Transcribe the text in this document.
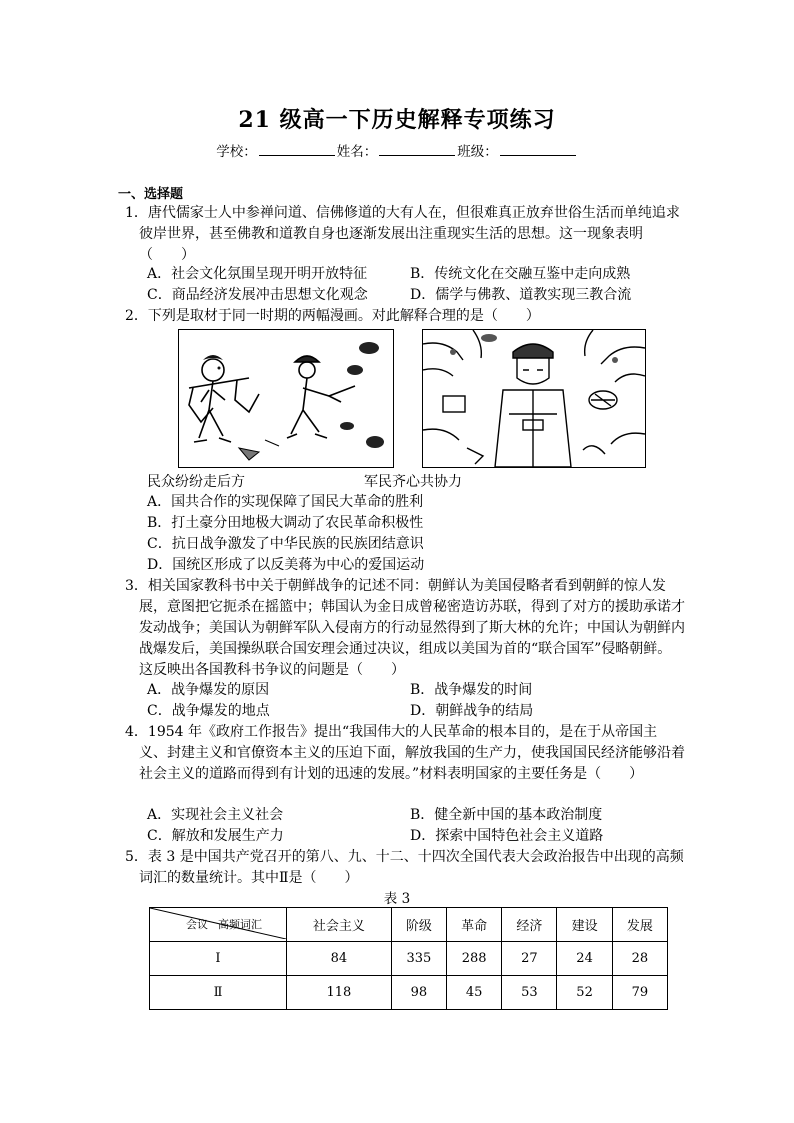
21 级高一下历史解释专项练习
学校：	姓名：	班级：
一、选择题
1．唐代儒家士人中参禅问道、信佛修道的大有人在，但很难真正放弃世俗生活而单纯追求彼岸世界，甚至佛教和道教自身也逐渐发展出注重现实生活的思想。这一现象表明（　　）
A．社会文化氛围呈现开明开放特征	B．传统文化在交融互鉴中走向成熟
C．商品经济发展冲击思想文化观念	D．儒学与佛教、道教实现三教合流
2．下列是取材于同一时期的两幅漫画。对此解释合理的是（　　）
民众纷纷走后方	军民齐心共协力
A．国共合作的实现保障了国民大革命的胜利
B．打土豪分田地极大调动了农民革命积极性
C．抗日战争激发了中华民族的民族团结意识
D．国统区形成了以反美蒋为中心的爱国运动
3．相关国家教科书中关于朝鲜战争的记述不同：朝鲜认为美国侵略者看到朝鲜的惊人发展，意图把它扼杀在摇篮中；韩国认为金日成曾秘密造访苏联，得到了对方的援助承诺才发动战争；美国认为朝鲜军队入侵南方的行动显然得到了斯大林的允许；中国认为朝鲜内战爆发后，美国操纵联合国安理会通过决议，组成以美国为首的“联合国军”侵略朝鲜。这反映出各国教科书争议的问题是（　　）
A．战争爆发的原因	B．战争爆发的时间
C．战争爆发的地点	D．朝鲜战争的结局
4．1954 年《政府工作报告》提出“我国伟大的人民革命的根本目的，是在于从帝国主义、封建主义和官僚资本主义的压迫下面，解放我国的生产力，使我国国民经济能够沿着社会主义的道路而得到有计划的迅速的发展。”材料表明国家的主要任务是（　　）
A．实现社会主义社会	B．健全新中国的基本政治制度
C．解放和发展生产力	D．探索中国特色社会主义道路
5．表 3 是中国共产党召开的第八、九、十二、十四次全国代表大会政治报告中出现的高频词汇的数量统计。其中Ⅱ是（　　）
表 3
会议 高频词汇	社会主义	阶级	革命	经济	建设	发展
Ⅰ	84	335	288	27	24	28
Ⅱ	118	98	45	53	52	79
